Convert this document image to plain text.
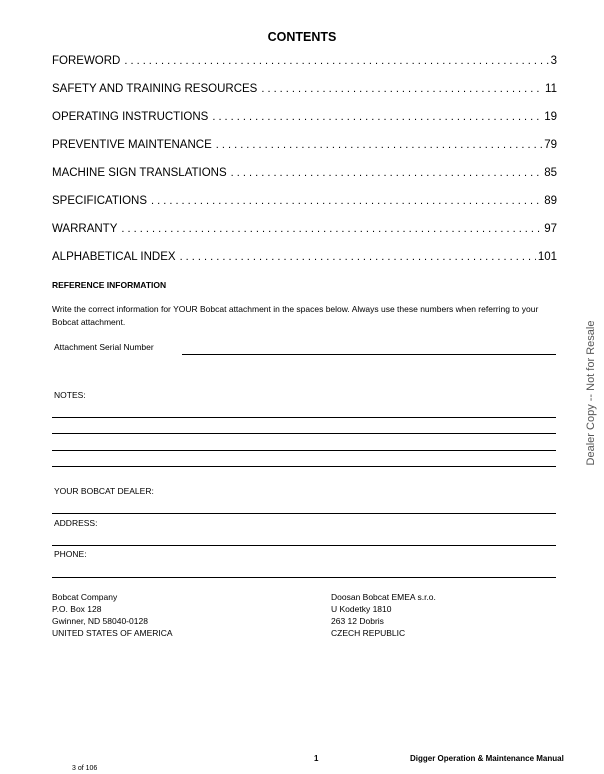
CONTENTS
FOREWORD . . .	3
SAFETY AND TRAINING RESOURCES . . .	11
OPERATING INSTRUCTIONS . . .	19
PREVENTIVE MAINTENANCE . . .	79
MACHINE SIGN TRANSLATIONS . . .	85
SPECIFICATIONS . . .	89
WARRANTY . . .	97
ALPHABETICAL INDEX . . .	101
REFERENCE INFORMATION
Write the correct information for YOUR Bobcat attachment in the spaces below. Always use these numbers when referring to your Bobcat attachment.
Attachment Serial Number
NOTES:
YOUR BOBCAT DEALER:
ADDRESS:
PHONE:
Bobcat Company
P.O. Box 128
Gwinner, ND 58040-0128
UNITED STATES OF AMERICA
Doosan Bobcat EMEA s.r.o.
U Kodetky 1810
263 12 Dobris
CZECH REPUBLIC
Dealer Copy -- Not for Resale
1	Digger Operation & Maintenance Manual
3 of 106
